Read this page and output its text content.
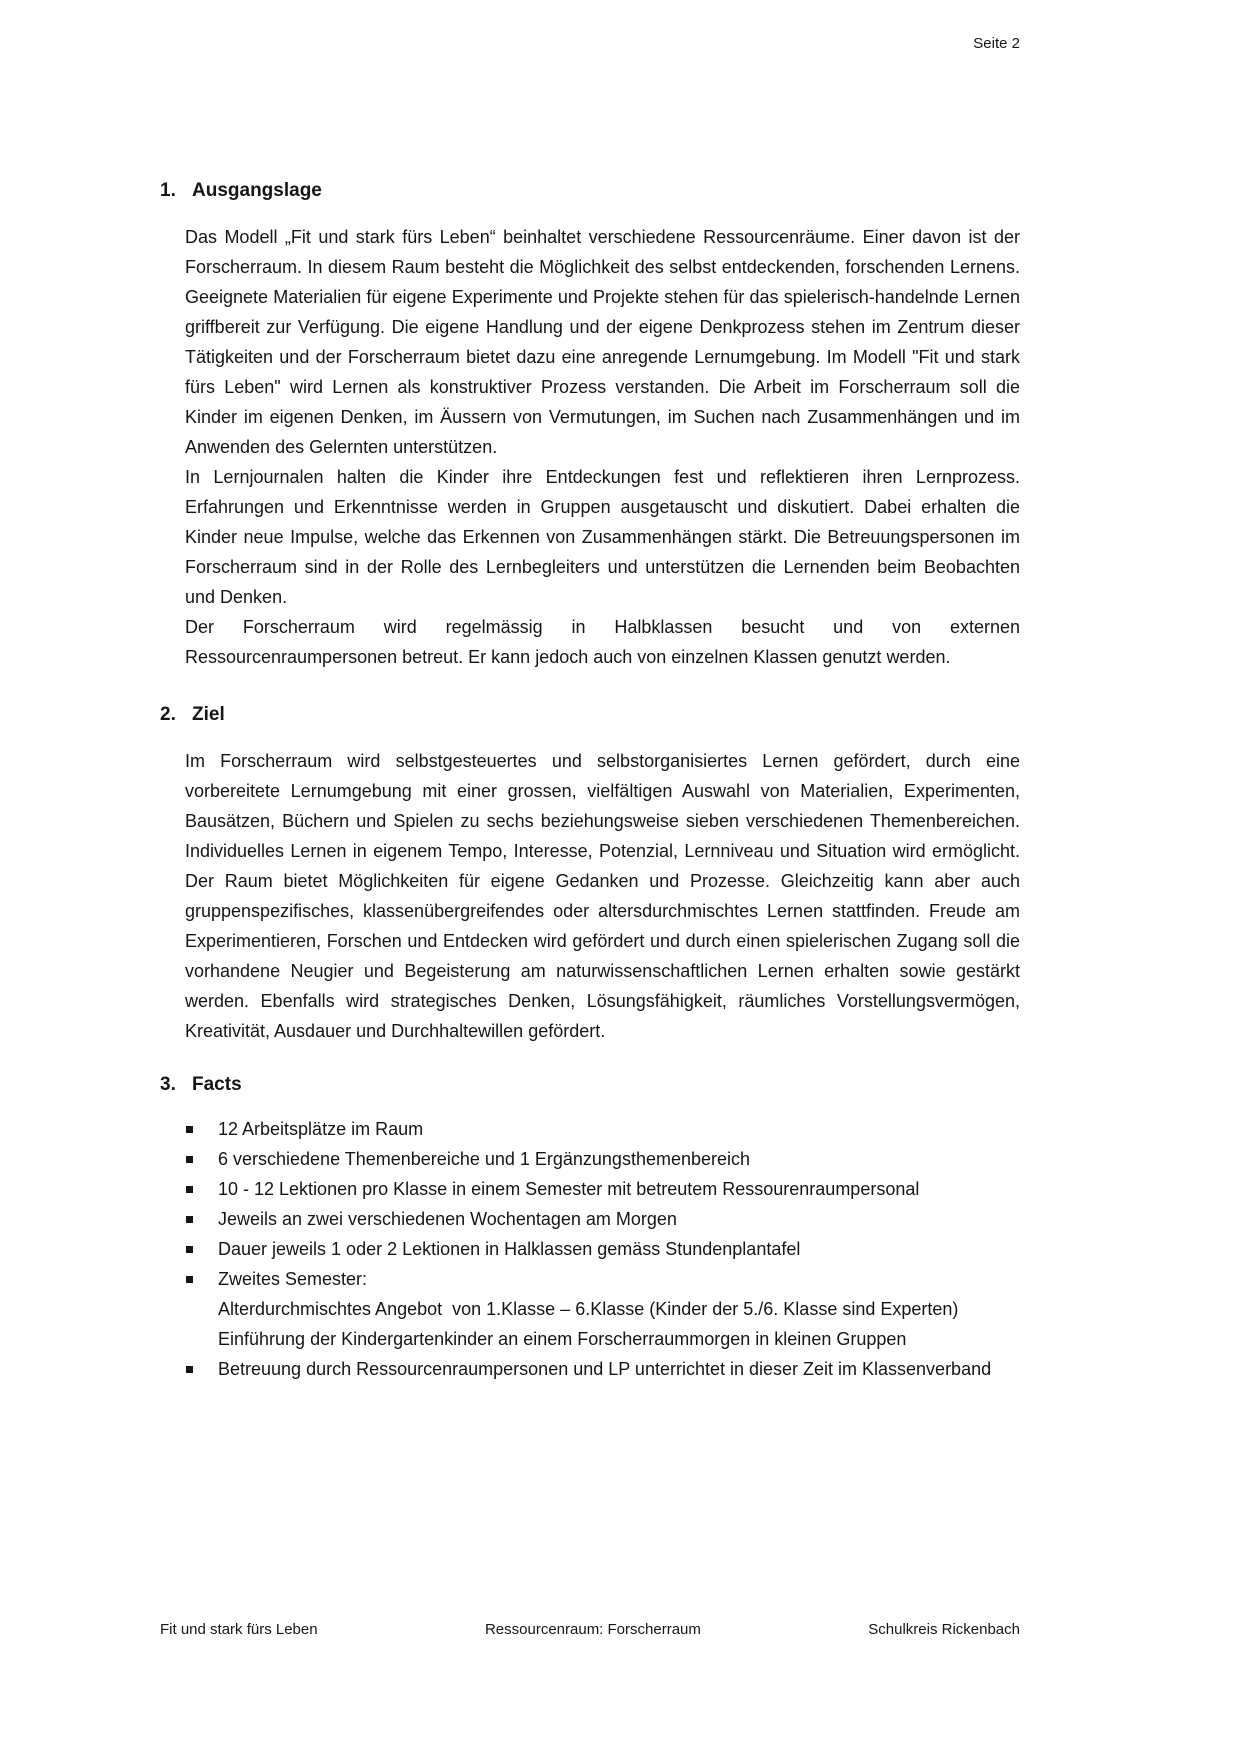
Seite 2
1. Ausgangslage

Das Modell „Fit und stark fürs Leben“ beinhaltet verschiedene Ressourcenräume. Einer davon ist der Forscherraum. In diesem Raum besteht die Möglichkeit des selbst entdeckenden, forschenden Lernens. Geeignete Materialien für eigene Experimente und Projekte stehen für das spielerisch-handelnde Lernen griffbereit zur Verfügung. Die eigene Handlung und der eigene Denkprozess stehen im Zentrum dieser Tätigkeiten und der Forscherraum bietet dazu eine anregende Lernumgebung. Im Modell "Fit und stark fürs Leben" wird Lernen als konstruktiver Prozess verstanden. Die Arbeit im Forscherraum soll die Kinder im eigenen Denken, im Äussern von Vermutungen, im Suchen nach Zusammenhängen und im Anwenden des Gelernten unterstützen.

In Lernjournalen halten die Kinder ihre Entdeckungen fest und reflektieren ihren Lernprozess. Erfahrungen und Erkenntnisse werden in Gruppen ausgetauscht und diskutiert. Dabei erhalten die Kinder neue Impulse, welche das Erkennen von Zusammenhängen stärkt. Die Betreuungspersonen im Forscherraum sind in der Rolle des Lernbegleiters und unterstützen die Lernenden beim Beobachten und Denken.

Der Forscherraum wird regelmässig in Halbklassen besucht und von externen Ressourcenraumpersonen betreut. Er kann jedoch auch von einzelnen Klassen genutzt werden.

2. Ziel

Im Forscherraum wird selbstgesteuertes und selbstorganisiertes Lernen gefördert, durch eine vorbereitete Lernumgebung mit einer grossen, vielfältigen Auswahl von Materialien, Experimenten, Bausätzen, Büchern und Spielen zu sechs beziehungsweise sieben verschiedenen Themenbereichen. Individuelles Lernen in eigenem Tempo, Interesse, Potenzial, Lernniveau und Situation wird ermöglicht. Der Raum bietet Möglichkeiten für eigene Gedanken und Prozesse. Gleichzeitig kann aber auch gruppenspezifisches, klassenübergreifendes oder altersdurchmischtes Lernen stattfinden. Freude am Experimentieren, Forschen und Entdecken wird gefördert und durch einen spielerischen Zugang soll die vorhandene Neugier und Begeisterung am naturwissenschaftlichen Lernen erhalten sowie gestärkt werden. Ebenfalls wird strategisches Denken, Lösungsfähigkeit, räumliches Vorstellungsvermögen, Kreativität, Ausdauer und Durchhaltewillen gefördert.

3. Facts
12 Arbeitsplätze im Raum
6 verschiedene Themenbereiche und 1 Ergänzungsthemenbereich
10 - 12 Lektionen pro Klasse in einem Semester mit betreutem Ressourenraumpersonal
Jeweils an zwei verschiedenen Wochentagen am Morgen
Dauer jeweils 1 oder 2 Lektionen in Halklassen gemäss Stundenplantafel
Zweites Semester:
Alterdurchmischtes Angebot  von 1.Klasse – 6.Klasse (Kinder der 5./6. Klasse sind Experten)
Einführung der Kindergartenkinder an einem Forscherraummorgen in kleinen Gruppen
Betreuung durch Ressourcenraumpersonen und LP unterrichtet in dieser Zeit im Klassenverband
Fit und stark fürs Leben	Ressourcenraum: Forscherraum	Schulkreis Rickenbach
